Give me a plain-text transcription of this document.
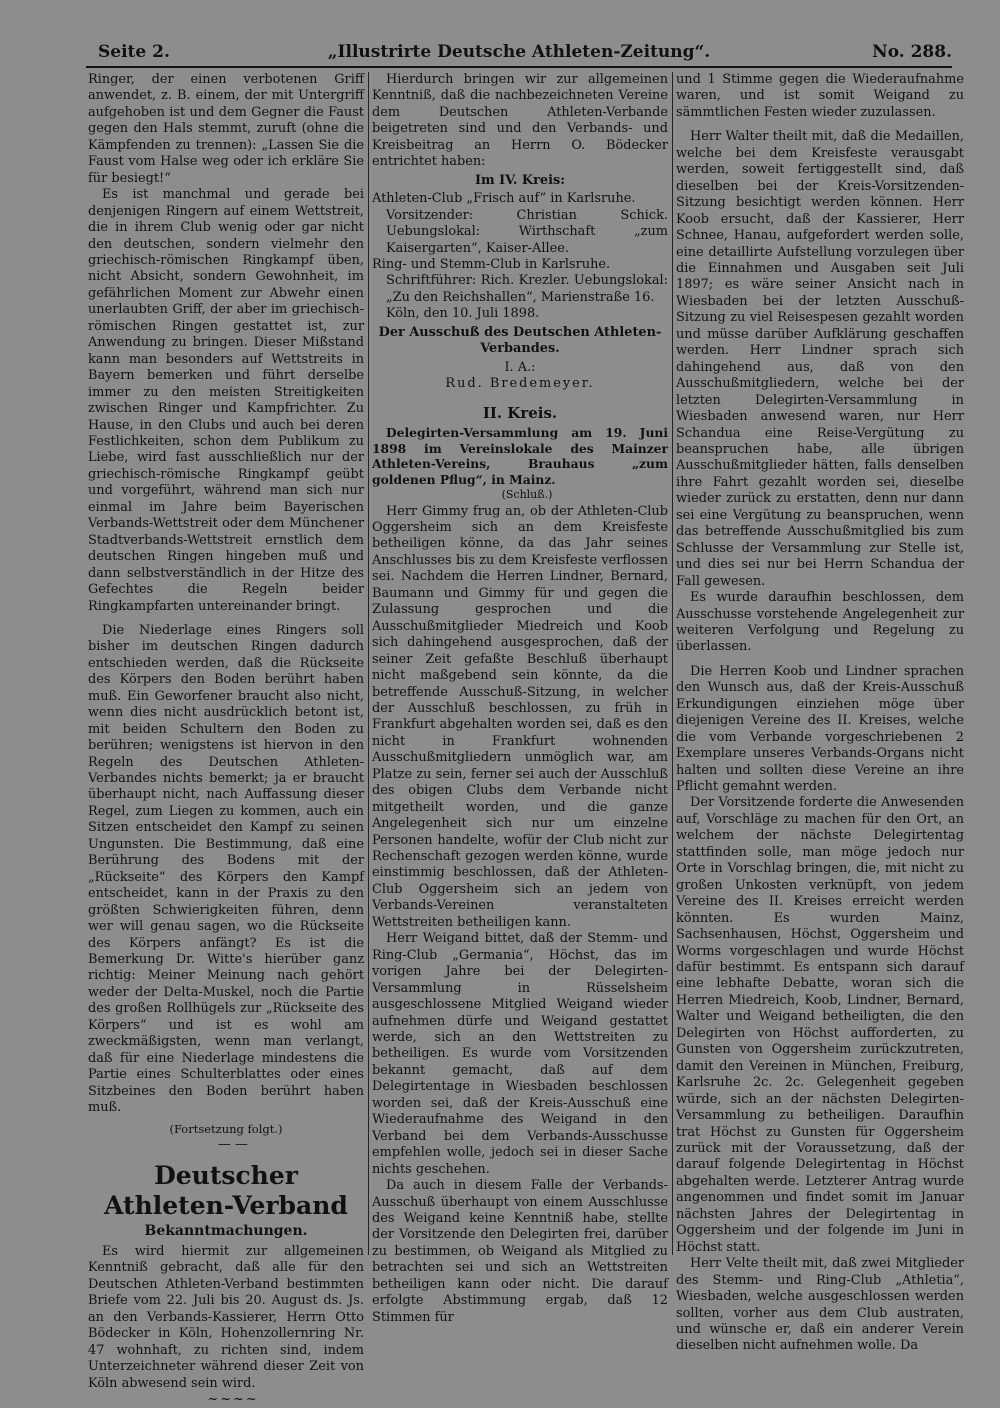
Seite 2.	„Illustrirte Deutsche Athleten-Zeitung“.	No. 288.

Ringer, der einen verbotenen Griff anwendet, z. B. einem, der mit Untergriff aufgehoben ist und dem Gegner die Faust gegen den Hals stemmt, zuruft (ohne die Kämpfenden zu trennen): „Lassen Sie die Faust vom Halse weg oder ich erkläre Sie für besiegt!“

Es ist manchmal und gerade bei denjenigen Ringern auf einem Wettstreit, die in ihrem Club wenig oder gar nicht den deutschen, sondern vielmehr den griechisch-römischen Ringkampf üben, nicht Absicht, sondern Gewohnheit, im gefährlichen Moment zur Abwehr einen unerlaubten Griff, der aber im griechisch-römischen Ringen gestattet ist, zur Anwendung zu bringen. Dieser Mißstand kann man besonders auf Wettstreits in Bayern bemerken und führt derselbe immer zu den meisten Streitigkeiten zwischen Ringer und Kampfrichter. Zu Hause, in den Clubs und auch bei deren Festlichkeiten, schon dem Publikum zu Liebe, wird fast ausschließlich nur der griechisch-römische Ringkampf geübt und vorgeführt, während man sich nur einmal im Jahre beim Bayerischen Verbands-Wettstreit oder dem Münchener Stadtverbands-Wettstreit ernstlich dem deutschen Ringen hingeben muß und dann selbstverständlich in der Hitze des Gefechtes die Regeln beider Ringkampfarten untereinander bringt.

Die Niederlage eines Ringers soll bisher im deutschen Ringen dadurch entschieden werden, daß die Rückseite des Körpers den Boden berührt haben muß. Ein Geworfener braucht also nicht, wenn dies nicht ausdrücklich betont ist, mit beiden Schultern den Boden zu berühren; wenigstens ist hiervon in den Regeln des Deutschen Athleten-Verbandes nichts bemerkt; ja er braucht überhaupt nicht, nach Auffassung dieser Regel, zum Liegen zu kommen, auch ein Sitzen entscheidet den Kampf zu seinen Ungunsten. Die Bestimmung, daß eine Berührung des Bodens mit der „Rückseite“ des Körpers den Kampf entscheidet, kann in der Praxis zu den größten Schwierigkeiten führen, denn wer will genau sagen, wo die Rückseite des Körpers anfängt? Es ist die Bemerkung Dr. Witte's hierüber ganz richtig: Meiner Meinung nach gehört weder der Delta-Muskel, noch die Partie des großen Rollhügels zur „Rückseite des Körpers“ und ist es wohl am zweckmäßigsten, wenn man verlangt, daß für eine Niederlage mindestens die Partie eines Schulterblattes oder eines Sitzbeines den Boden berührt haben muß.

(Fortsetzung folgt.)

— —

Deutscher Athleten-Verband
Bekanntmachungen.

Es wird hiermit zur allgemeinen Kenntniß gebracht, daß alle für den Deutschen Athleten-Verband bestimmten Briefe vom 22. Juli bis 20. August ds. Js. an den Verbands-Kassierer, Herrn Otto Bödecker in Köln, Hohenzollernring Nr. 47 wohnhaft, zu richten sind, indem Unterzeichneter während dieser Zeit von Köln abwesend sein wird.

~~~~

Hierdurch bringen wir zur allgemeinen Kenntniß, daß die nachbezeichneten Vereine dem Deutschen Athleten-Verbande beigetreten sind und den Verbands- und Kreisbeitrag an Herrn O. Bödecker entrichtet haben:

Im IV. Kreis:

Athleten-Club „Frisch auf“ in Karlsruhe.

Vorsitzender: Christian Schick. Uebungslokal: Wirthschaft „zum Kaisergarten“, Kaiser-Allee.

Ring- und Stemm-Club in Karlsruhe.

Schriftführer: Rich. Krezler. Uebungslokal: „Zu den Reichshallen“, Marienstraße 16.

Köln, den 10. Juli 1898.

Der Ausschuß des Deutschen Athleten-Verbandes.

I. A.:

Rud. Bredemeyer.

II. Kreis.

Delegirten-Versammlung am 19. Juni 1898 im Vereinslokale des Mainzer Athleten-Vereins, Brauhaus „zum goldenen Pflug“, in Mainz.

(Schluß.)

Herr Gimmy frug an, ob der Athleten-Club Oggersheim sich an dem Kreisfeste betheiligen könne, da das Jahr seines Anschlusses bis zu dem Kreisfeste verflossen sei. Nachdem die Herren Lindner, Bernard, Baumann und Gimmy für und gegen die Zulassung gesprochen und die Ausschußmitglieder Miedreich und Koob sich dahingehend ausgesprochen, daß der seiner Zeit gefaßte Beschluß überhaupt nicht maßgebend sein könnte, da die betreffende Ausschuß-Sitzung, in welcher der Ausschluß beschlossen, zu früh in Frankfurt abgehalten worden sei, daß es den nicht in Frankfurt wohnenden Ausschußmitgliedern unmöglich war, am Platze zu sein, ferner sei auch der Ausschluß des obigen Clubs dem Verbande nicht mitgetheilt worden, und die ganze Angelegenheit sich nur um einzelne Personen handelte, wofür der Club nicht zur Rechenschaft gezogen werden könne, wurde einstimmig beschlossen, daß der Athleten-Club Oggersheim sich an jedem von Verbands-Vereinen veranstalteten Wettstreiten betheiligen kann.

Herr Weigand bittet, daß der Stemm- und Ring-Club „Germania“, Höchst, das im vorigen Jahre bei der Delegirten-Versammlung in Rüsselsheim ausgeschlossene Mitglied Weigand wieder aufnehmen dürfe und Weigand gestattet werde, sich an den Wettstreiten zu betheiligen. Es wurde vom Vorsitzenden bekannt gemacht, daß auf dem Delegirtentage in Wiesbaden beschlossen worden sei, daß der Kreis-Ausschuß eine Wiederaufnahme des Weigand in den Verband bei dem Verbands-Ausschusse empfehlen wolle, jedoch sei in dieser Sache nichts geschehen.

Da auch in diesem Falle der Verbands-Ausschuß überhaupt von einem Ausschlusse des Weigand keine Kenntniß habe, stellte der Vorsitzende den Delegirten frei, darüber zu bestimmen, ob Weigand als Mitglied zu betrachten sei und sich an Wettstreiten betheiligen kann oder nicht. Die darauf erfolgte Abstimmung ergab, daß 12 Stimmen für

und 1 Stimme gegen die Wiederaufnahme waren, und ist somit Weigand zu sämmtlichen Festen wieder zuzulassen.

Herr Walter theilt mit, daß die Medaillen, welche bei dem Kreisfeste verausgabt werden, soweit fertiggestellt sind, daß dieselben bei der Kreis-Vorsitzenden-Sitzung besichtigt werden können. Herr Koob ersucht, daß der Kassierer, Herr Schnee, Hanau, aufgefordert werden solle, eine detaillirte Aufstellung vorzulegen über die Einnahmen und Ausgaben seit Juli 1897; es wäre seiner Ansicht nach in Wiesbaden bei der letzten Ausschuß-Sitzung zu viel Reisespesen gezahlt worden und müsse darüber Aufklärung geschaffen werden. Herr Lindner sprach sich dahingehend aus, daß von den Ausschußmitgliedern, welche bei der letzten Delegirten-Versammlung in Wiesbaden anwesend waren, nur Herr Schandua eine Reise-Vergütung zu beanspruchen habe, alle übrigen Ausschußmitglieder hätten, falls denselben ihre Fahrt gezahlt worden sei, dieselbe wieder zurück zu erstatten, denn nur dann sei eine Vergütung zu beanspruchen, wenn das betreffende Ausschußmitglied bis zum Schlusse der Versammlung zur Stelle ist, und dies sei nur bei Herrn Schandua der Fall gewesen.

Es wurde daraufhin beschlossen, dem Ausschusse vorstehende Angelegenheit zur weiteren Verfolgung und Regelung zu überlassen.

Die Herren Koob und Lindner sprachen den Wunsch aus, daß der Kreis-Ausschuß Erkundigungen einziehen möge über diejenigen Vereine des II. Kreises, welche die vom Verbande vorgeschriebenen 2 Exemplare unseres Verbands-Organs nicht halten und sollten diese Vereine an ihre Pflicht gemahnt werden.

Der Vorsitzende forderte die Anwesenden auf, Vorschläge zu machen für den Ort, an welchem der nächste Delegirtentag stattfinden solle, man möge jedoch nur Orte in Vorschlag bringen, die, mit nicht zu großen Unkosten verknüpft, von jedem Vereine des II. Kreises erreicht werden könnten. Es wurden Mainz, Sachsenhausen, Höchst, Oggersheim und Worms vorgeschlagen und wurde Höchst dafür bestimmt. Es entspann sich darauf eine lebhafte Debatte, woran sich die Herren Miedreich, Koob, Lindner, Bernard, Walter und Weigand betheiligten, die den Delegirten von Höchst aufforderten, zu Gunsten von Oggersheim zurückzutreten, damit den Vereinen in München, Freiburg, Karlsruhe 2c. 2c. Gelegenheit gegeben würde, sich an der nächsten Delegirten-Versammlung zu betheiligen. Daraufhin trat Höchst zu Gunsten für Oggersheim zurück mit der Voraussetzung, daß der darauf folgende Delegirtentag in Höchst abgehalten werde. Letzterer Antrag wurde angenommen und findet somit im Januar nächsten Jahres der Delegirtentag in Oggersheim und der folgende im Juni in Höchst statt.

Herr Velte theilt mit, daß zwei Mitglieder des Stemm- und Ring-Club „Athletia“, Wiesbaden, welche ausgeschlossen werden sollten, vorher aus dem Club austraten, und wünsche er, daß ein anderer Verein dieselben nicht aufnehmen wolle. Da
